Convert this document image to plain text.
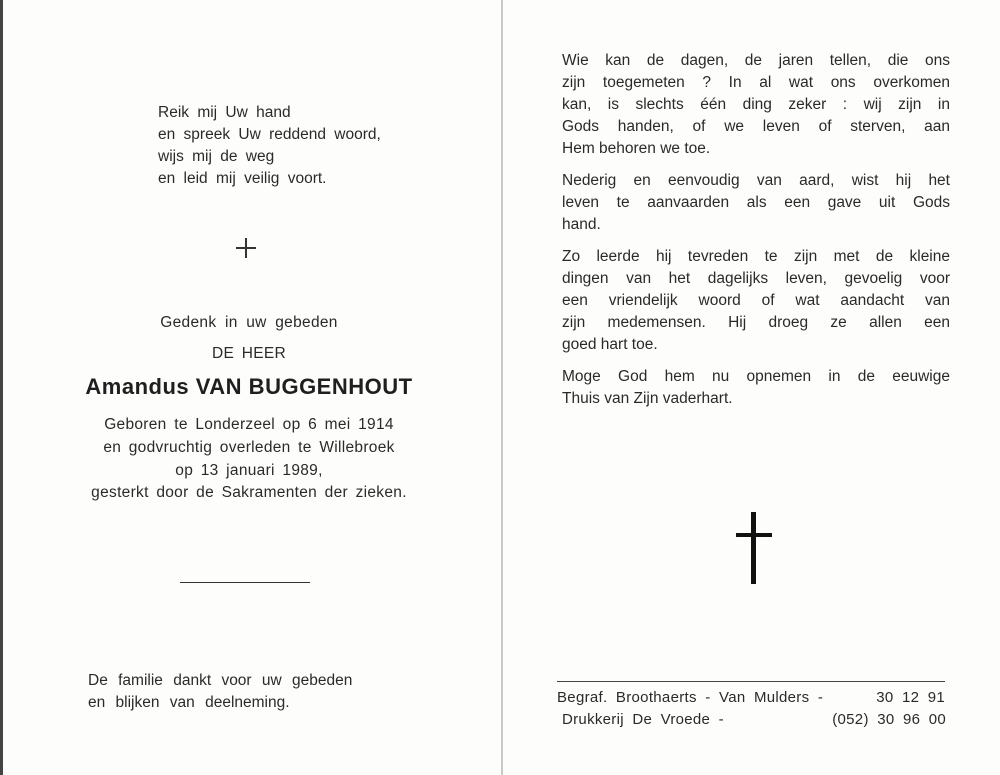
Reik mij Uw hand
en spreek Uw reddend woord,
wijs mij de weg
en leid mij veilig voort.
Gedenk in uw gebeden
DE HEER
Amandus VAN BUGGENHOUT
Geboren te Londerzeel op 6 mei 1914
en godvruchtig overleden te Willebroek
op 13 januari 1989,
gesterkt door de Sakramenten der zieken.
De familie dankt voor uw gebeden
en blijken van deelneming.
Wie kan de dagen, de jaren tellen, die ons
zijn toegemeten ? In al wat ons overkomen
kan, is slechts één ding zeker : wij zijn in
Gods handen, of we leven of sterven, aan
Hem behoren we toe.
Nederig en eenvoudig van aard, wist hij het
leven te aanvaarden als een gave uit Gods
hand.
Zo leerde hij tevreden te zijn met de kleine
dingen van het dagelijks leven, gevoelig voor
een vriendelijk woord of wat aandacht van
zijn medemensen. Hij droeg ze allen een
goed hart toe.
Moge God hem nu opnemen in de eeuwige
Thuis van Zijn vaderhart.
Begraf. Broothaerts - Van Mulders -	30 12 91
Drukkerij De Vroede -	(052) 30 96 00
